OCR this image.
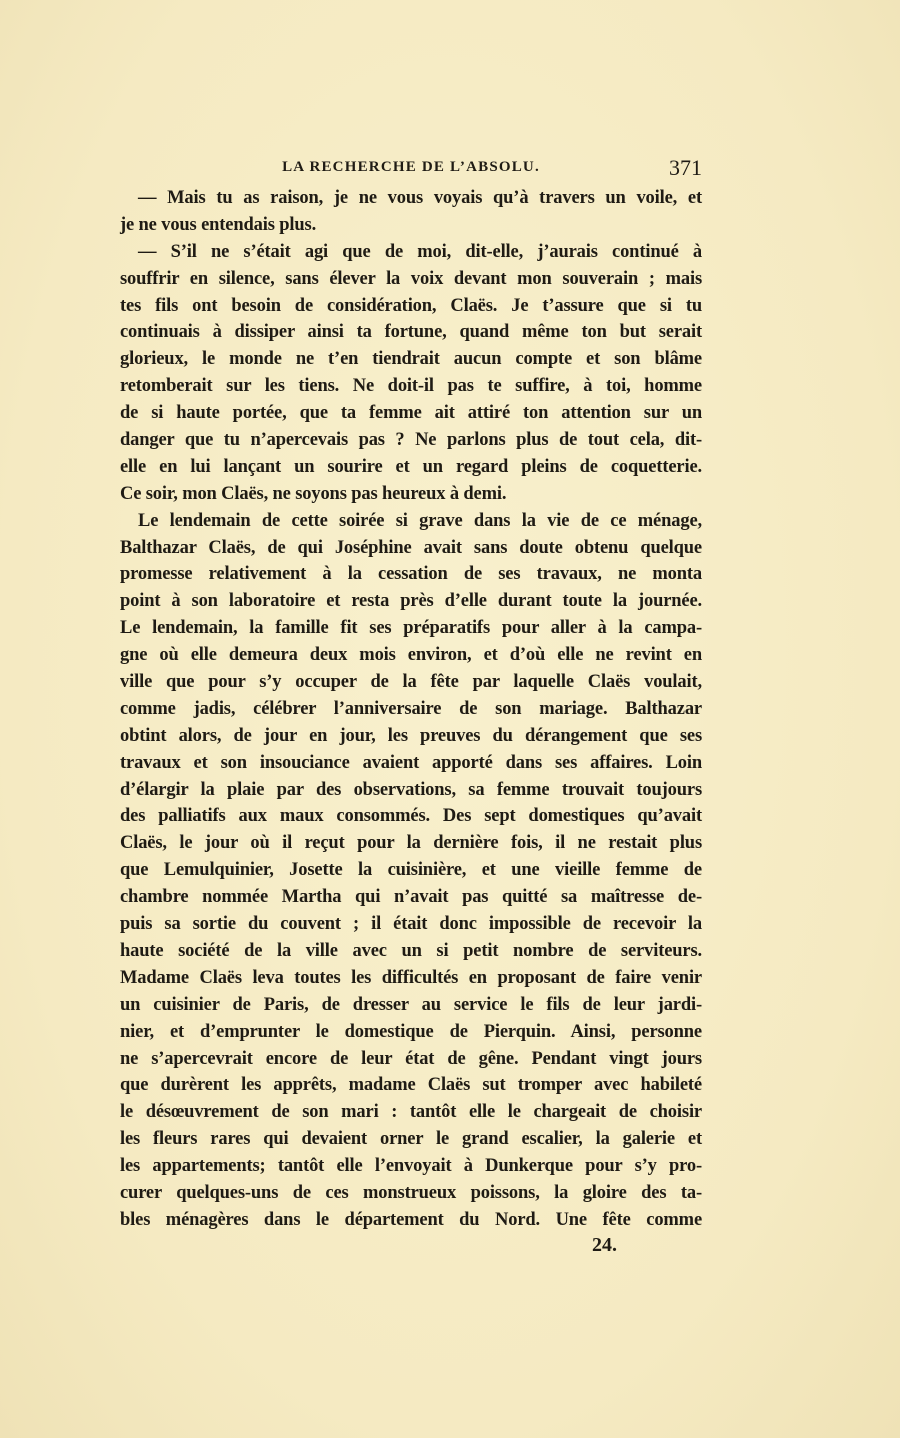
LA RECHERCHE DE L’ABSOLU.	371
— Mais tu as raison, je ne vous voyais qu’à travers un voile, et
je ne vous entendais plus.
— S’il ne s’était agi que de moi, dit-elle, j’aurais continué à
souffrir en silence, sans élever la voix devant mon souverain ; mais
tes fils ont besoin de considération, Claës. Je t’assure que si tu
continuais à dissiper ainsi ta fortune, quand même ton but serait
glorieux, le monde ne t’en tiendrait aucun compte et son blâme
retomberait sur les tiens. Ne doit-il pas te suffire, à toi, homme
de si haute portée, que ta femme ait attiré ton attention sur un
danger que tu n’apercevais pas ? Ne parlons plus de tout cela, dit-
elle en lui lançant un sourire et un regard pleins de coquetterie.
Ce soir, mon Claës, ne soyons pas heureux à demi.
Le lendemain de cette soirée si grave dans la vie de ce ménage,
Balthazar Claës, de qui Joséphine avait sans doute obtenu quelque
promesse relativement à la cessation de ses travaux, ne monta
point à son laboratoire et resta près d’elle durant toute la journée.
Le lendemain, la famille fit ses préparatifs pour aller à la campa-
gne où elle demeura deux mois environ, et d’où elle ne revint en
ville que pour s’y occuper de la fête par laquelle Claës voulait,
comme jadis, célébrer l’anniversaire de son mariage. Balthazar
obtint alors, de jour en jour, les preuves du dérangement que ses
travaux et son insouciance avaient apporté dans ses affaires. Loin
d’élargir la plaie par des observations, sa femme trouvait toujours
des palliatifs aux maux consommés. Des sept domestiques qu’avait
Claës, le jour où il reçut pour la dernière fois, il ne restait plus
que Lemulquinier, Josette la cuisinière, et une vieille femme de
chambre nommée Martha qui n’avait pas quitté sa maîtresse de-
puis sa sortie du couvent ; il était donc impossible de recevoir la
haute société de la ville avec un si petit nombre de serviteurs.
Madame Claës leva toutes les difficultés en proposant de faire venir
un cuisinier de Paris, de dresser au service le fils de leur jardi-
nier, et d’emprunter le domestique de Pierquin. Ainsi, personne
ne s’apercevrait encore de leur état de gêne. Pendant vingt jours
que durèrent les apprêts, madame Claës sut tromper avec habileté
le désœuvrement de son mari : tantôt elle le chargeait de choisir
les fleurs rares qui devaient orner le grand escalier, la galerie et
les appartements; tantôt elle l’envoyait à Dunkerque pour s’y pro-
curer quelques-uns de ces monstrueux poissons, la gloire des ta-
bles ménagères dans le département du Nord. Une fête comme
24.
